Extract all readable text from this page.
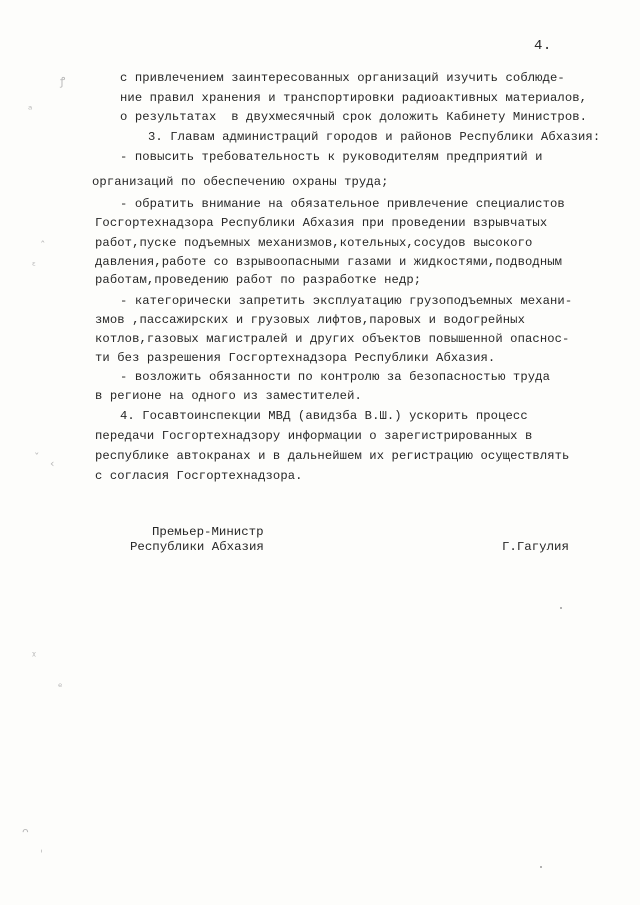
4.
с привлечением заинтересованных организаций изучить соблюде-
ние правил хранения и транспортировки радиоактивных материалов,
о результатах  в двухмесячный срок доложить Кабинету Министров.
3. Главам администраций городов и районов Республики Абхазия:
- повысить требовательность к руководителям предприятий и
организаций по обеспечению охраны труда;
- обратить внимание на обязательное привлечение специалистов
Госгортехнадзора Республики Абхазия при проведении взрывчатых
работ,пуске подъемных механизмов,котельных,сосудов высокого
давления,работе со взрывоопасными газами и жидкостями,подводным
работам,проведению работ по разработке недр;
- категорически запретить эксплуатацию грузоподъемных механи-
змов ,пассажирских и грузовых лифтов,паровых и водогрейных
котлов,газовых магистралей и других объектов повышенной опаснос-
ти без разрешения Госгортехнадзора Республики Абхазия.
- возложить обязанности по контролю за безопасностью труда
в регионе на одного из заместителей.
4. Госавтоинспекции МВД (авидзба В.Ш.) ускорить процесс
передачи Госгортехнадзору информации о зарегистрированных в
республике автокранах и в дальнейшем их регистрацию осуществлять
с согласия Госгортехнадзора.
Премьер-Министр
Республики Абхазия	Г.Гагулия
ꝭ
ᵃ
ˆ
ᵋ
ˇ ‹
ᵡ
ₑ
ᴖ
ˌ
